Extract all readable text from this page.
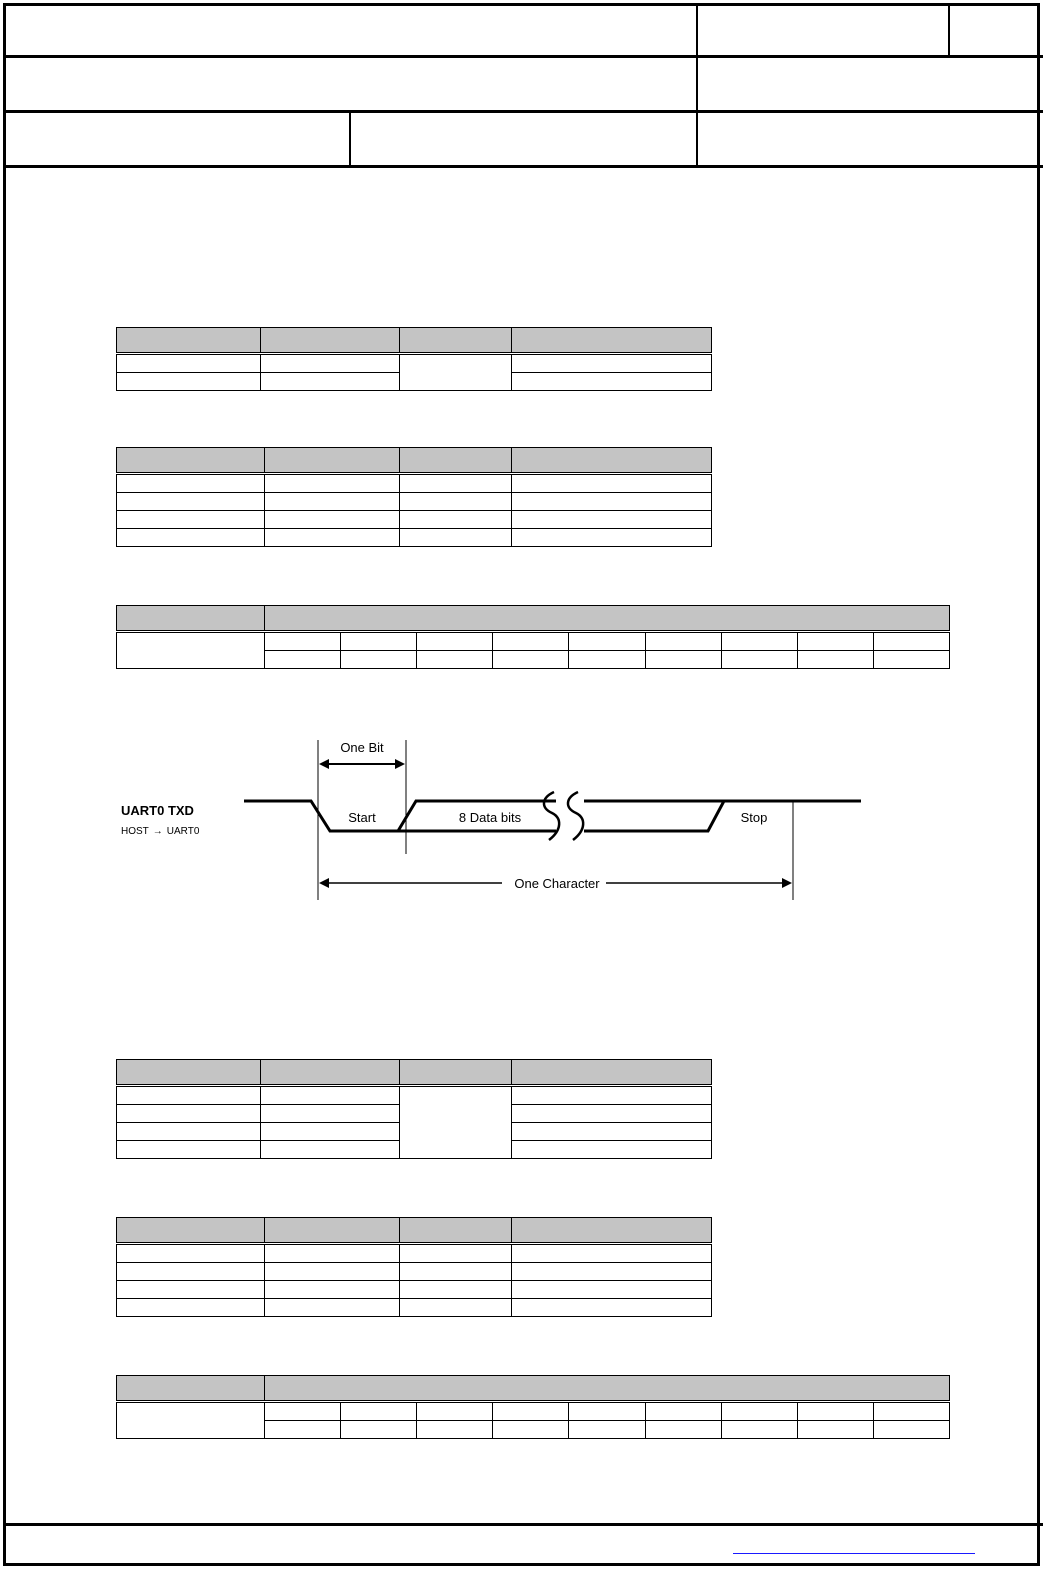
One Bit
One Character
Start	8 Data bits	Stop
UART0 TXD
HOST → UART0
